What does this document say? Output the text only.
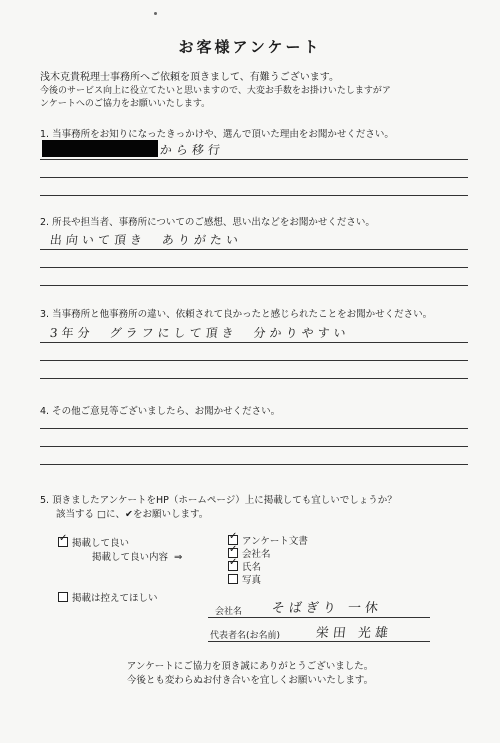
お客様アンケート

浅木克貴税理士事務所へご依頼を頂きまして、有難うございます。

今後のサービス向上に役立てたいと思いますので、大変お手数をお掛けいたしますがア

ンケートへのご協力をお願いいたします。

1. 当事務所をお知りになったきっかけや、選んで頂いた理由をお聞かせください。
から移行
2. 所長や担当者、事務所についてのご感想、思い出などをお聞かせください。
出向いて頂き　ありがたい
3. 当事務所と他事務所の違い、依頼されて良かったと感じられたことをお聞かせください。
3年分　グラフにして頂き　分かりやすい
4. その他ご意見等ございましたら、お聞かせください。
5. 頂きましたアンケートをHP（ホームページ）上に掲載しても宜しいでしょうか？
該当する □に、✔をお願いします。
✓掲載して良い
掲載して良い内容 ⇒
✓アンケート文書
✓会社名
✓氏名
写真
掲載は控えてほしい
会社名 そばぎり 一休
代表者名(お名前)	栄田 光雄

アンケートにご協力を頂き誠にありがとうございました。

今後とも変わらぬお付き合いを宜しくお願いいたします。
